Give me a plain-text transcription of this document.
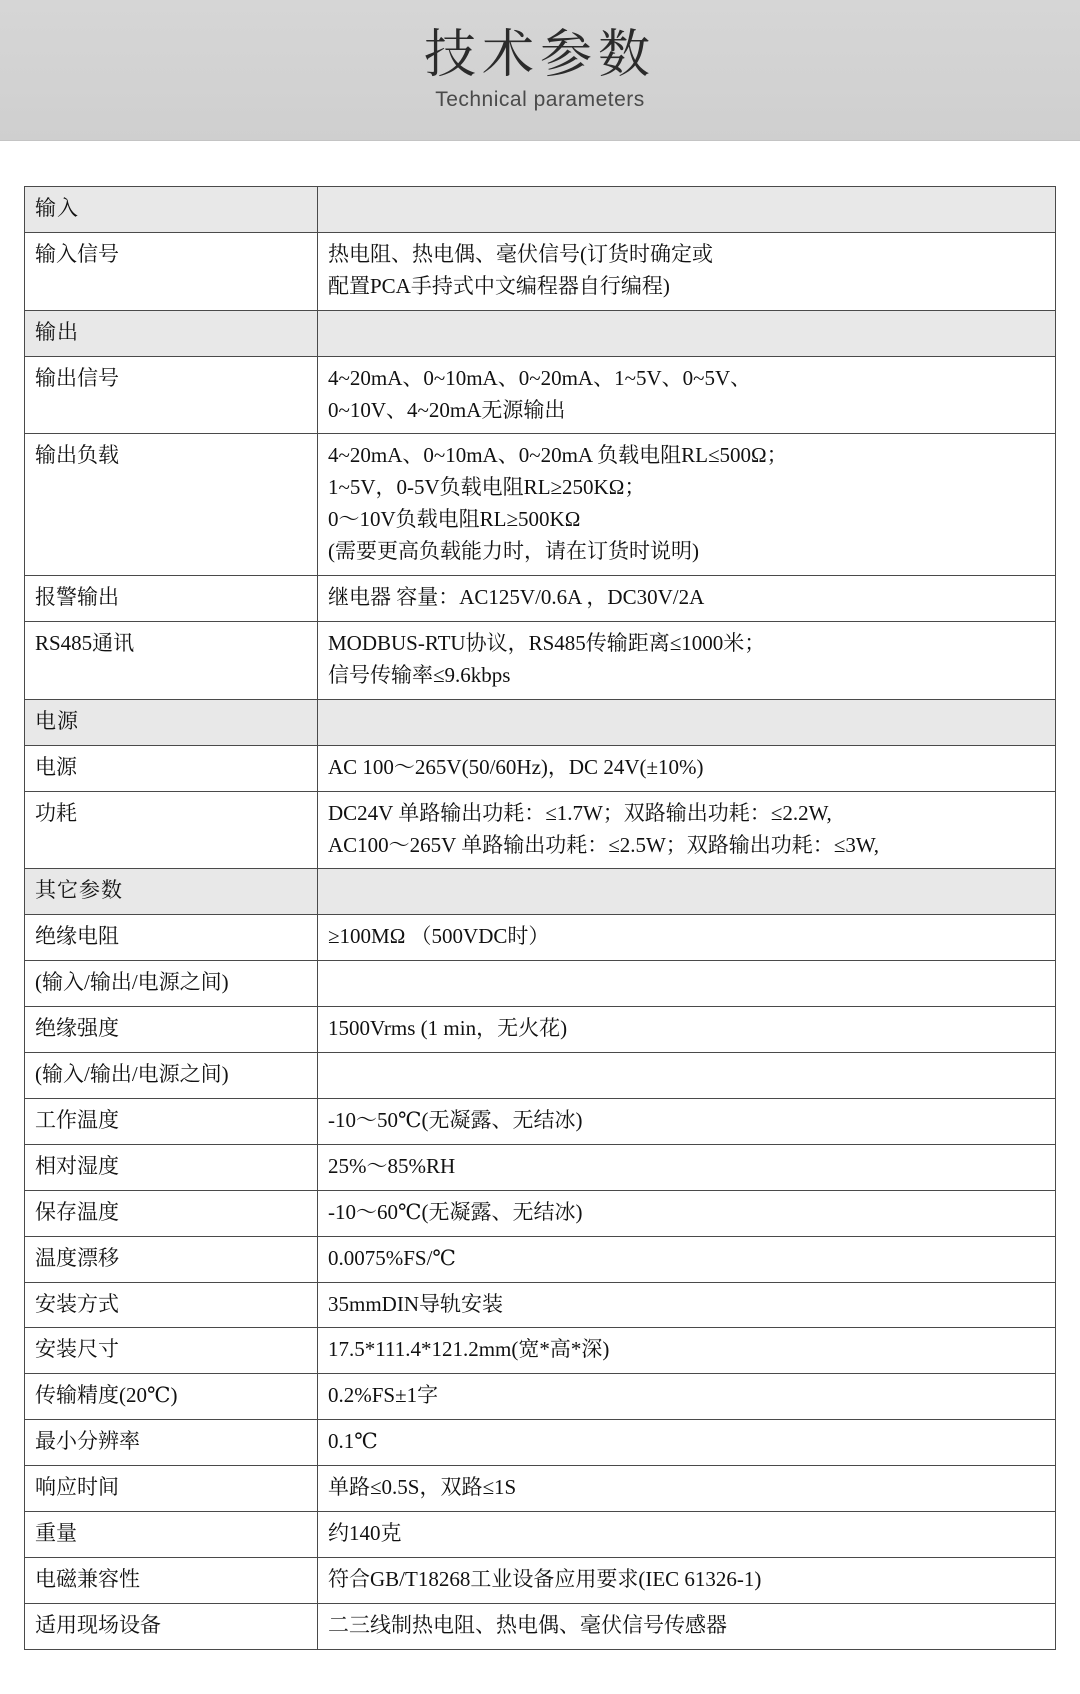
技术参数
Technical parameters
输入	
输入信号	热电阻、热电偶、毫伏信号(订货时确定或
配置PCA手持式中文编程器自行编程)

输出	
输出信号	4~20mA、0~10mA、0~20mA、1~5V、0~5V、
0~10V、4~20mA无源输出

输出负载	4~20mA、0~10mA、0~20mA 负载电阻RL≤500Ω；
1~5V，0-5V负载电阻RL≥250KΩ；
0～10V负载电阻RL≥500KΩ
(需要更高负载能力时，请在订货时说明)

报警输出	继电器 容量：AC125V/0.6A ，DC30V/2A

RS485通讯	MODBUS-RTU协议，RS485传输距离≤1000米；
信号传输率≤9.6kbps

电源	
电源	AC 100～265V(50/60Hz)，DC 24V(±10%)

功耗	DC24V 单路输出功耗：≤1.7W；双路输出功耗：≤2.2W,
AC100～265V 单路输出功耗：≤2.5W；双路输出功耗：≤3W,

其它参数	
绝缘电阻	≥100MΩ （500VDC时）

(输入/输出/电源之间)	

绝缘强度	1500Vrms (1 min，无火花)

(输入/输出/电源之间)	

工作温度	-10～50℃(无凝露、无结冰)

相对湿度	25%～85%RH

保存温度	-10～60℃(无凝露、无结冰)

温度漂移	0.0075%FS/℃

安装方式	35mmDIN导轨安装

安装尺寸	17.5*111.4*121.2mm(宽*高*深)

传输精度(20℃)	0.2%FS±1字

最小分辨率	0.1℃

响应时间	单路≤0.5S，双路≤1S

重量	约140克

电磁兼容性	符合GB/T18268工业设备应用要求(IEC 61326-1)

适用现场设备	二三线制热电阻、热电偶、毫伏信号传感器
